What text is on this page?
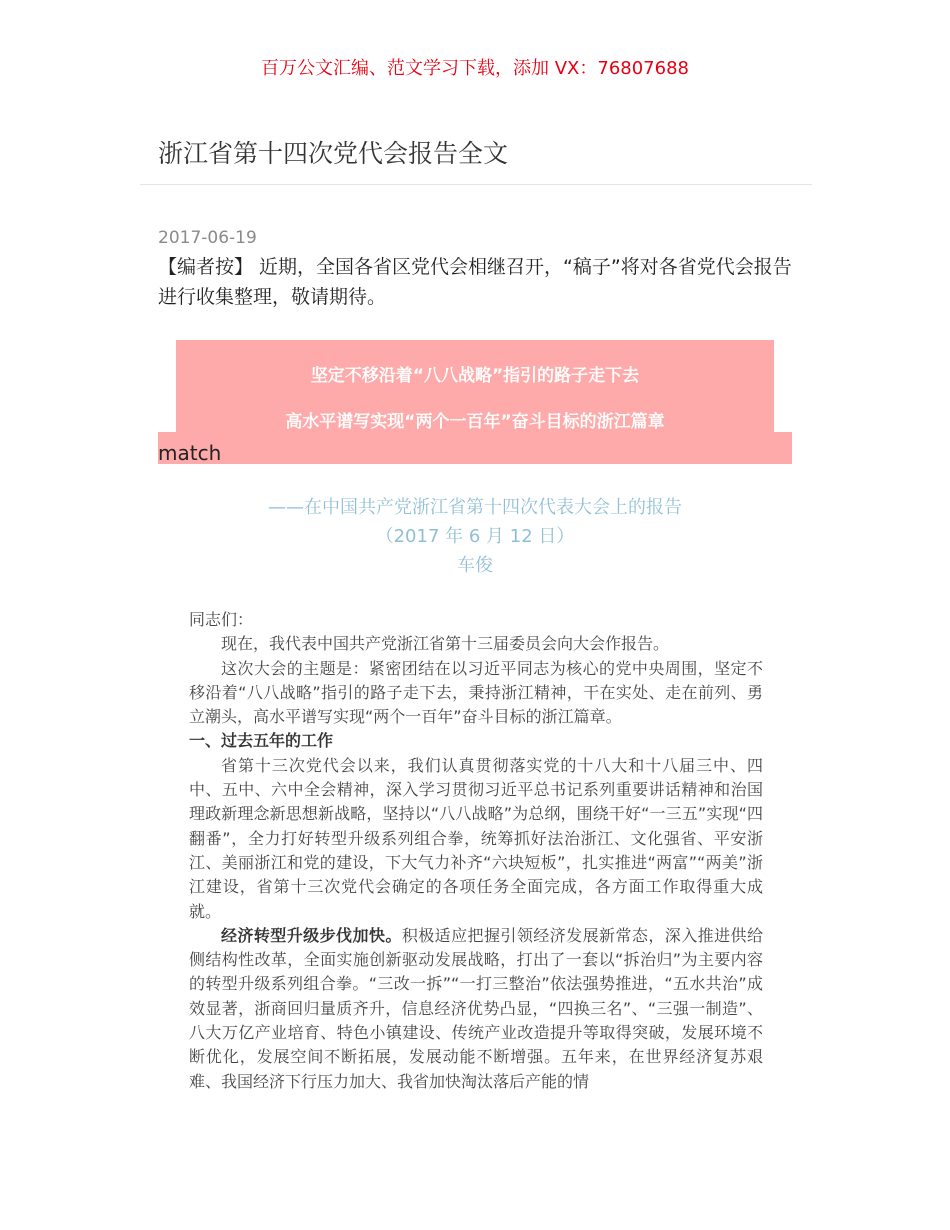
百万公文汇编、范文学习下载，添加 VX：76807688
浙江省第十四次党代会报告全文
2017-06-19
【编者按】 近期，全国各省区党代会相继召开，“稿子”将对各省党代会报告进行收集整理，敬请期待。
坚定不移沿着“八八战略”指引的路子走下去
高水平谱写实现“两个一百年”奋斗目标的浙江篇章
match
——在中国共产党浙江省第十四次代表大会上的报告
（2017 年 6 月 12 日）
车俊

同志们：

现在，我代表中国共产党浙江省第十三届委员会向大会作报告。

这次大会的主题是：紧密团结在以习近平同志为核心的党中央周围，坚定不移沿着“八八战略”指引的路子走下去，秉持浙江精神，干在实处、走在前列、勇立潮头，高水平谱写实现“两个一百年”奋斗目标的浙江篇章。

一、过去五年的工作

省第十三次党代会以来，我们认真贯彻落实党的十八大和十八届三中、四中、五中、六中全会精神，深入学习贯彻习近平总书记系列重要讲话精神和治国理政新理念新思想新战略，坚持以“八八战略”为总纲，围绕干好“一三五”实现“四翻番”，全力打好转型升级系列组合拳，统筹抓好法治浙江、文化强省、平安浙江、美丽浙江和党的建设，下大气力补齐“六块短板”，扎实推进“两富”“两美”浙江建设，省第十三次党代会确定的各项任务全面完成，各方面工作取得重大成就。

经济转型升级步伐加快。积极适应把握引领经济发展新常态，深入推进供给侧结构性改革，全面实施创新驱动发展战略，打出了一套以“拆治归”为主要内容的转型升级系列组合拳。“三改一拆”“一打三整治”依法强势推进，“五水共治”成效显著，浙商回归量质齐升，信息经济优势凸显，“四换三名”、“三强一制造”、八大万亿产业培育、特色小镇建设、传统产业改造提升等取得突破，发展环境不断优化，发展空间不断拓展，发展动能不断增强。五年来，在世界经济复苏艰难、我国经济下行压力加大、我省加快淘汰落后产能的情
